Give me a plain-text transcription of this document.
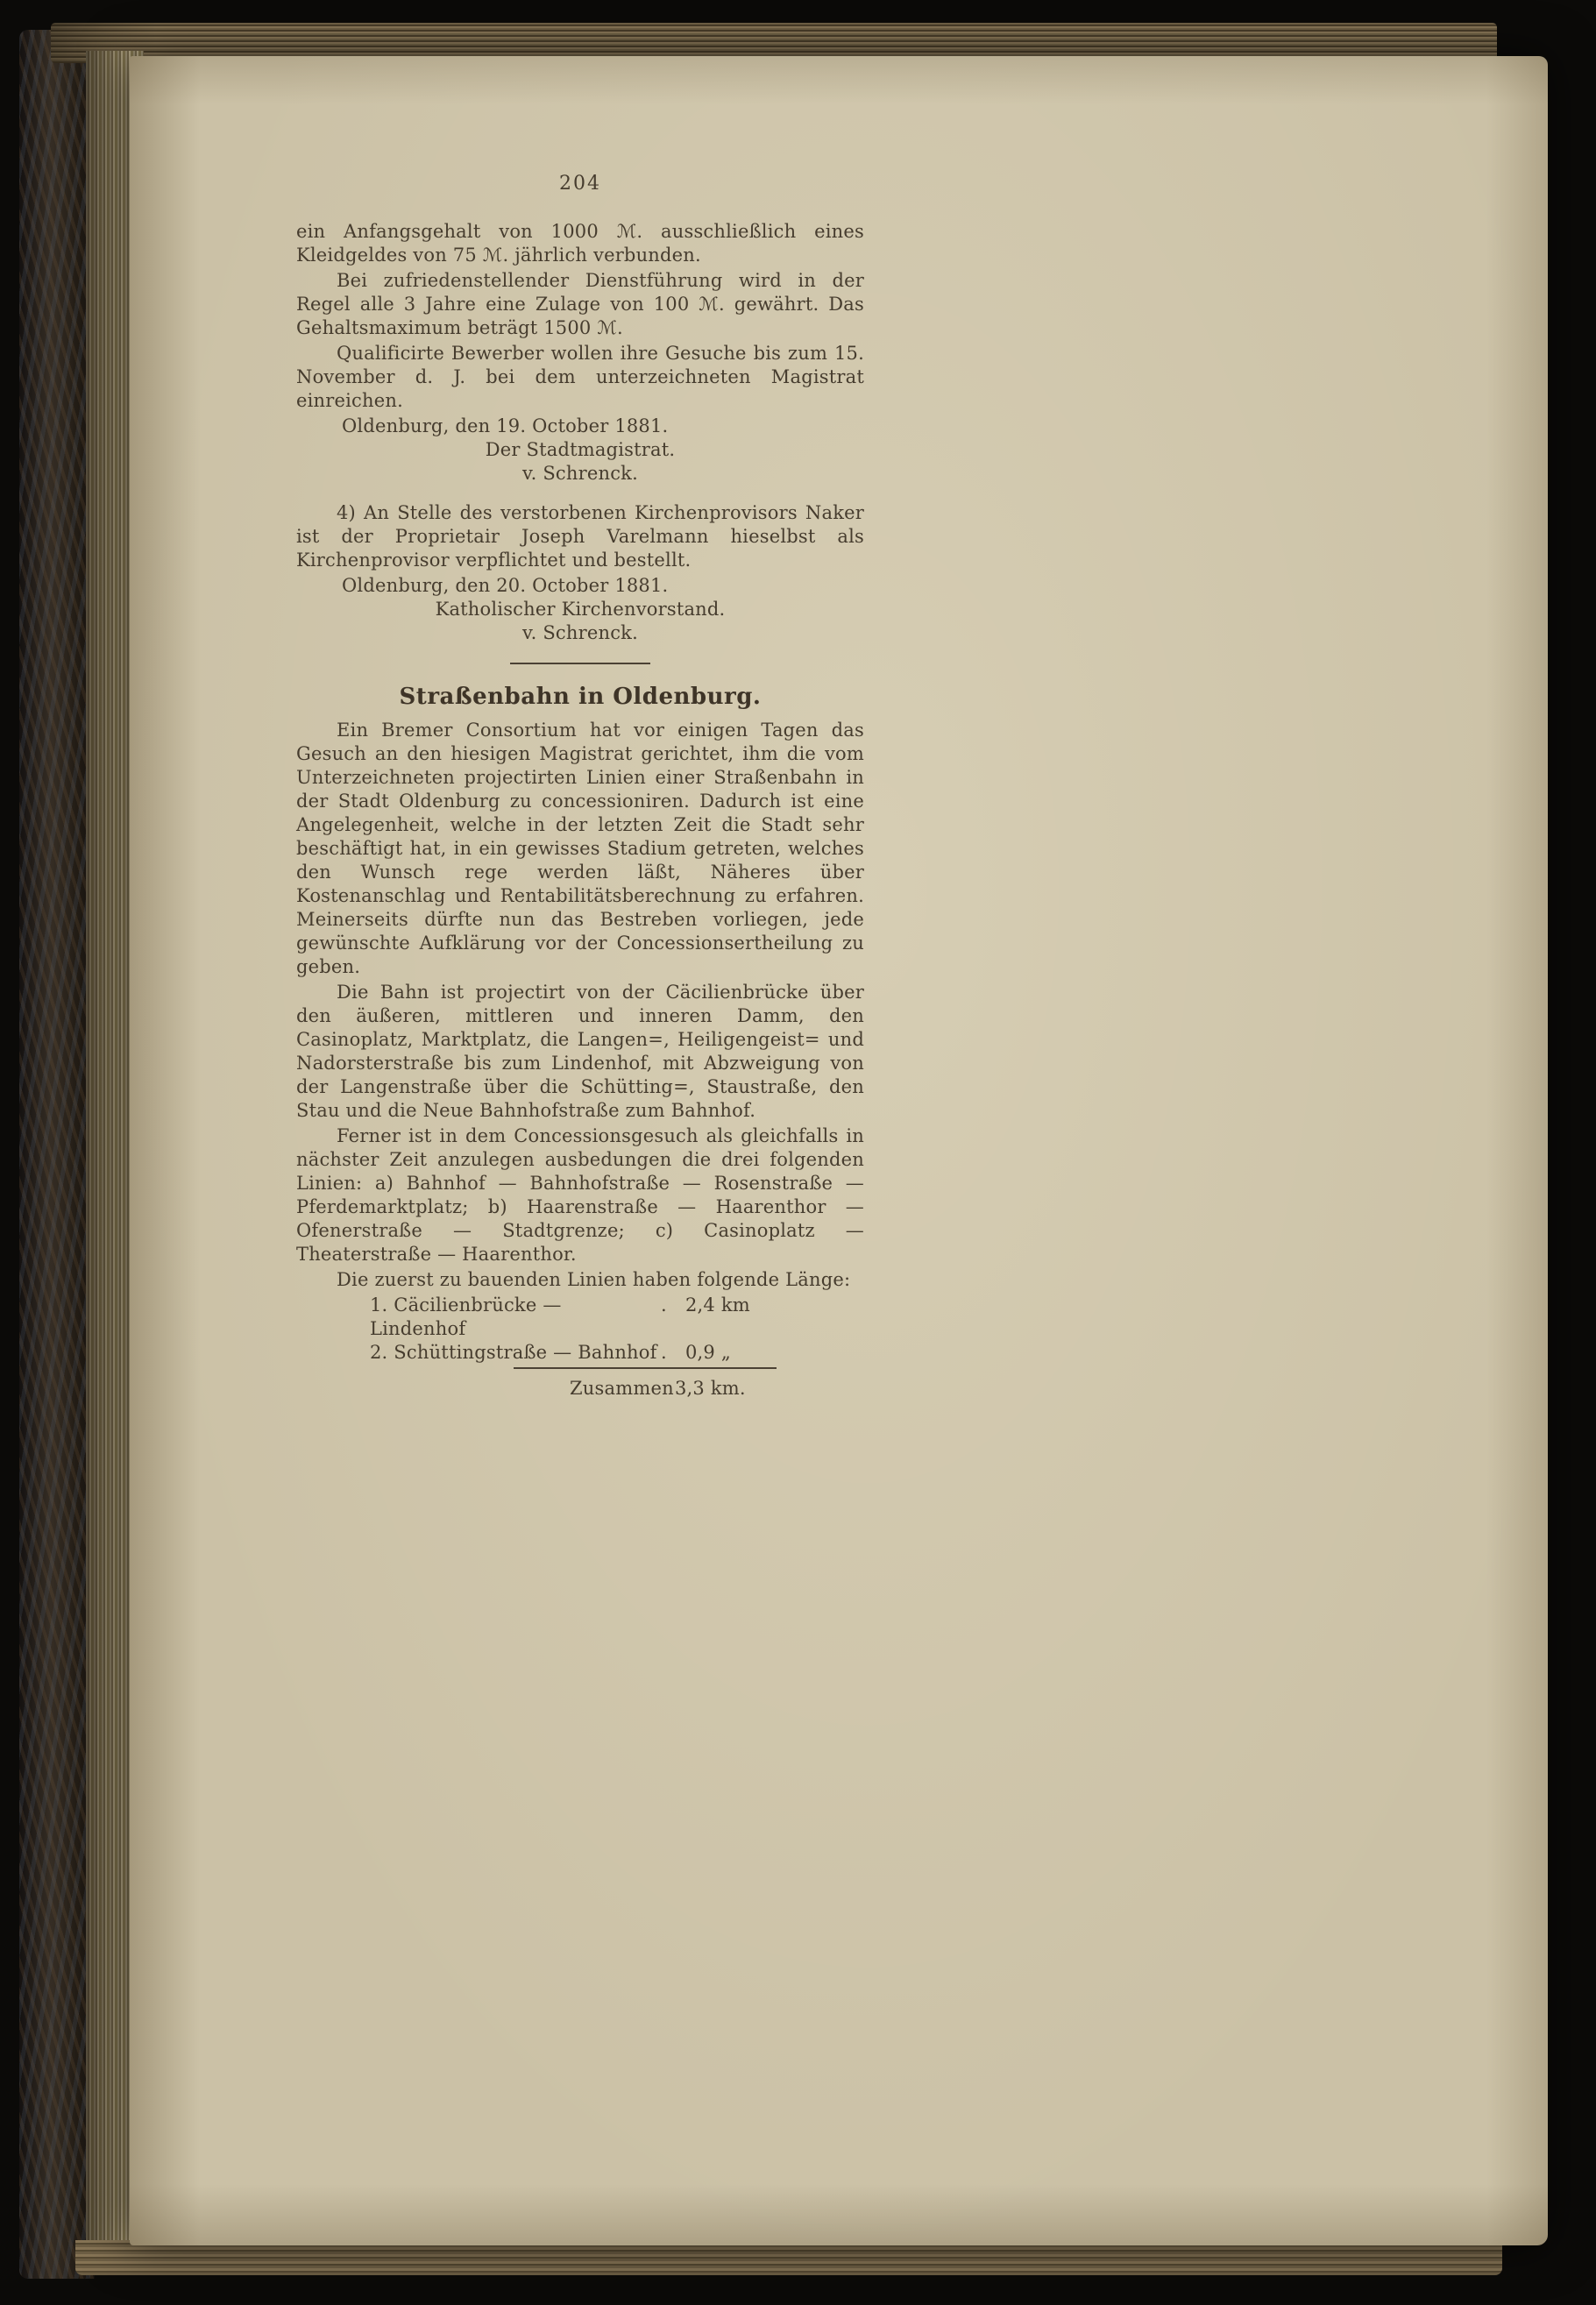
204

ein Anfangsgehalt von 1000 ℳ. ausschließlich eines Kleidgeldes von 75 ℳ. jährlich verbunden.

Bei zufriedenstellender Dienstführung wird in der Regel alle 3 Jahre eine Zulage von 100 ℳ. gewährt. Das Gehaltsmaximum beträgt 1500 ℳ.

Qualificirte Bewerber wollen ihre Gesuche bis zum 15. November d. J. bei dem unterzeichneten Magistrat einreichen.

Oldenburg, den 19. October 1881.

Der Stadtmagistrat.

v. Schrenck.

4) An Stelle des verstorbenen Kirchenprovisors Naker ist der Proprietair Joseph Varelmann hieselbst als Kirchenprovisor verpflichtet und bestellt.

Oldenburg, den 20. October 1881.

Katholischer Kirchenvorstand.

v. Schrenck.

Straßenbahn in Oldenburg.

Ein Bremer Consortium hat vor einigen Tagen das Gesuch an den hiesigen Magistrat gerichtet, ihm die vom Unterzeichneten projectirten Linien einer Straßenbahn in der Stadt Oldenburg zu concessioniren. Dadurch ist eine Angelegenheit, welche in der letzten Zeit die Stadt sehr beschäftigt hat, in ein gewisses Stadium getreten, welches den Wunsch rege werden läßt, Näheres über Kostenanschlag und Rentabilitätsberechnung zu erfahren. Meinerseits dürfte nun das Bestreben vorliegen, jede gewünschte Aufklärung vor der Concessionsertheilung zu geben.

Die Bahn ist projectirt von der Cäcilienbrücke über den äußeren, mittleren und inneren Damm, den Casinoplatz, Marktplatz, die Langen=, Heiligengeist= und Nadorsterstraße bis zum Lindenhof, mit Abzweigung von der Langenstraße über die Schütting=, Staustraße, den Stau und die Neue Bahnhofstraße zum Bahnhof.

Ferner ist in dem Concessionsgesuch als gleichfalls in nächster Zeit anzulegen ausbedungen die drei folgenden Linien: a) Bahnhof — Bahnhofstraße — Rosenstraße — Pferdemarktplatz; b) Haarenstraße — Haarenthor — Ofenerstraße — Stadtgrenze; c) Casinoplatz — Theaterstraße — Haarenthor.

Die zuerst zu bauenden Linien haben folgende Länge:

1. Cäcilienbrücke — Lindenhof
.	2,4 km
2. Schüttingstraße — Bahnhof .	0,9 „
Zusammen 3,3 km.
